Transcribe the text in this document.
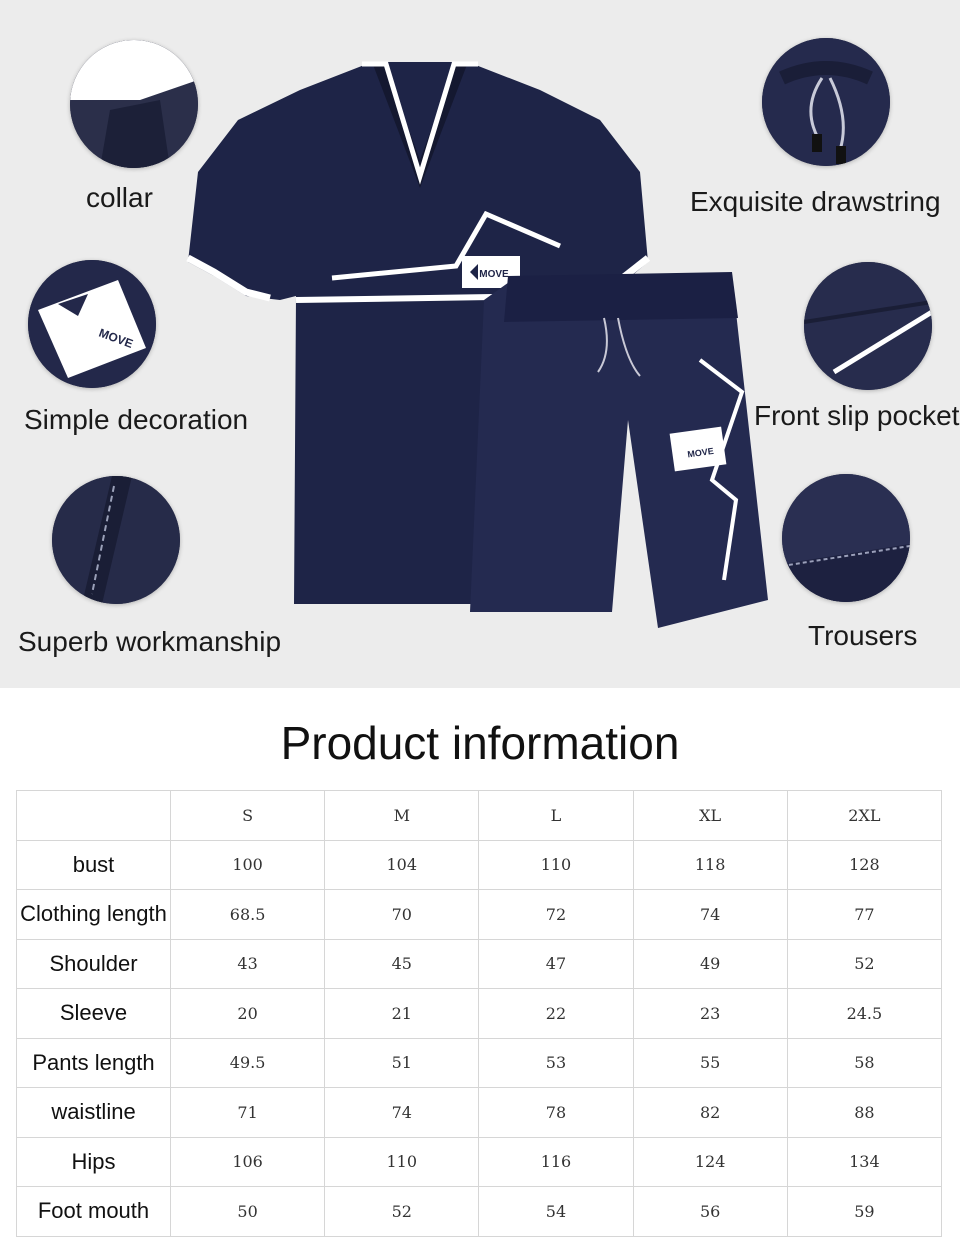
MOVE
MOVE
collar
MOVE
Simple decoration
Superb workmanship
Exquisite drawstring
Front slip pocket
Trousers
Product information
	S	M	L	XL	2XL
bust	100	104	110	118	128
Clothing length	68.5	70	72	74	77
Shoulder	43	45	47	49	52
Sleeve	20	21	22	23	24.5
Pants length	49.5	51	53	55	58
waistline	71	74	78	82	88
Hips	106	110	116	124	134
Foot mouth	50	52	54	56	59
